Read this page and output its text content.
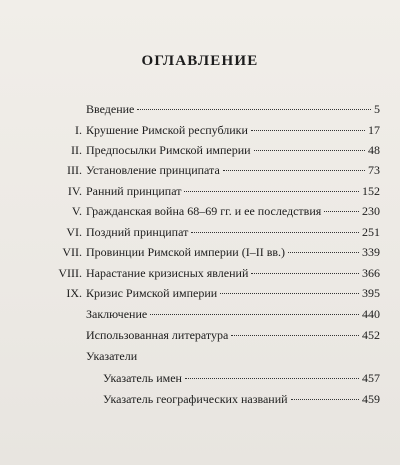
ОГЛАВЛЕНИЕ
Введение	5
I. Крушение Римской республики	17
II. Предпосылки Римской империи	48
III. Установление принципата	73
IV. Ранний принципат	152
V. Гражданская война 68–69 гг. и ее последствия	230
VI. Поздний принципат	251
VII. Провинции Римской империи (I–II вв.)	339
VIII. Нарастание кризисных явлений	366
IX. Кризис Римской империи	395
Заключение	440
Использованная литература	452
Указатели
Указатель имен	457
Указатель географических названий	459
